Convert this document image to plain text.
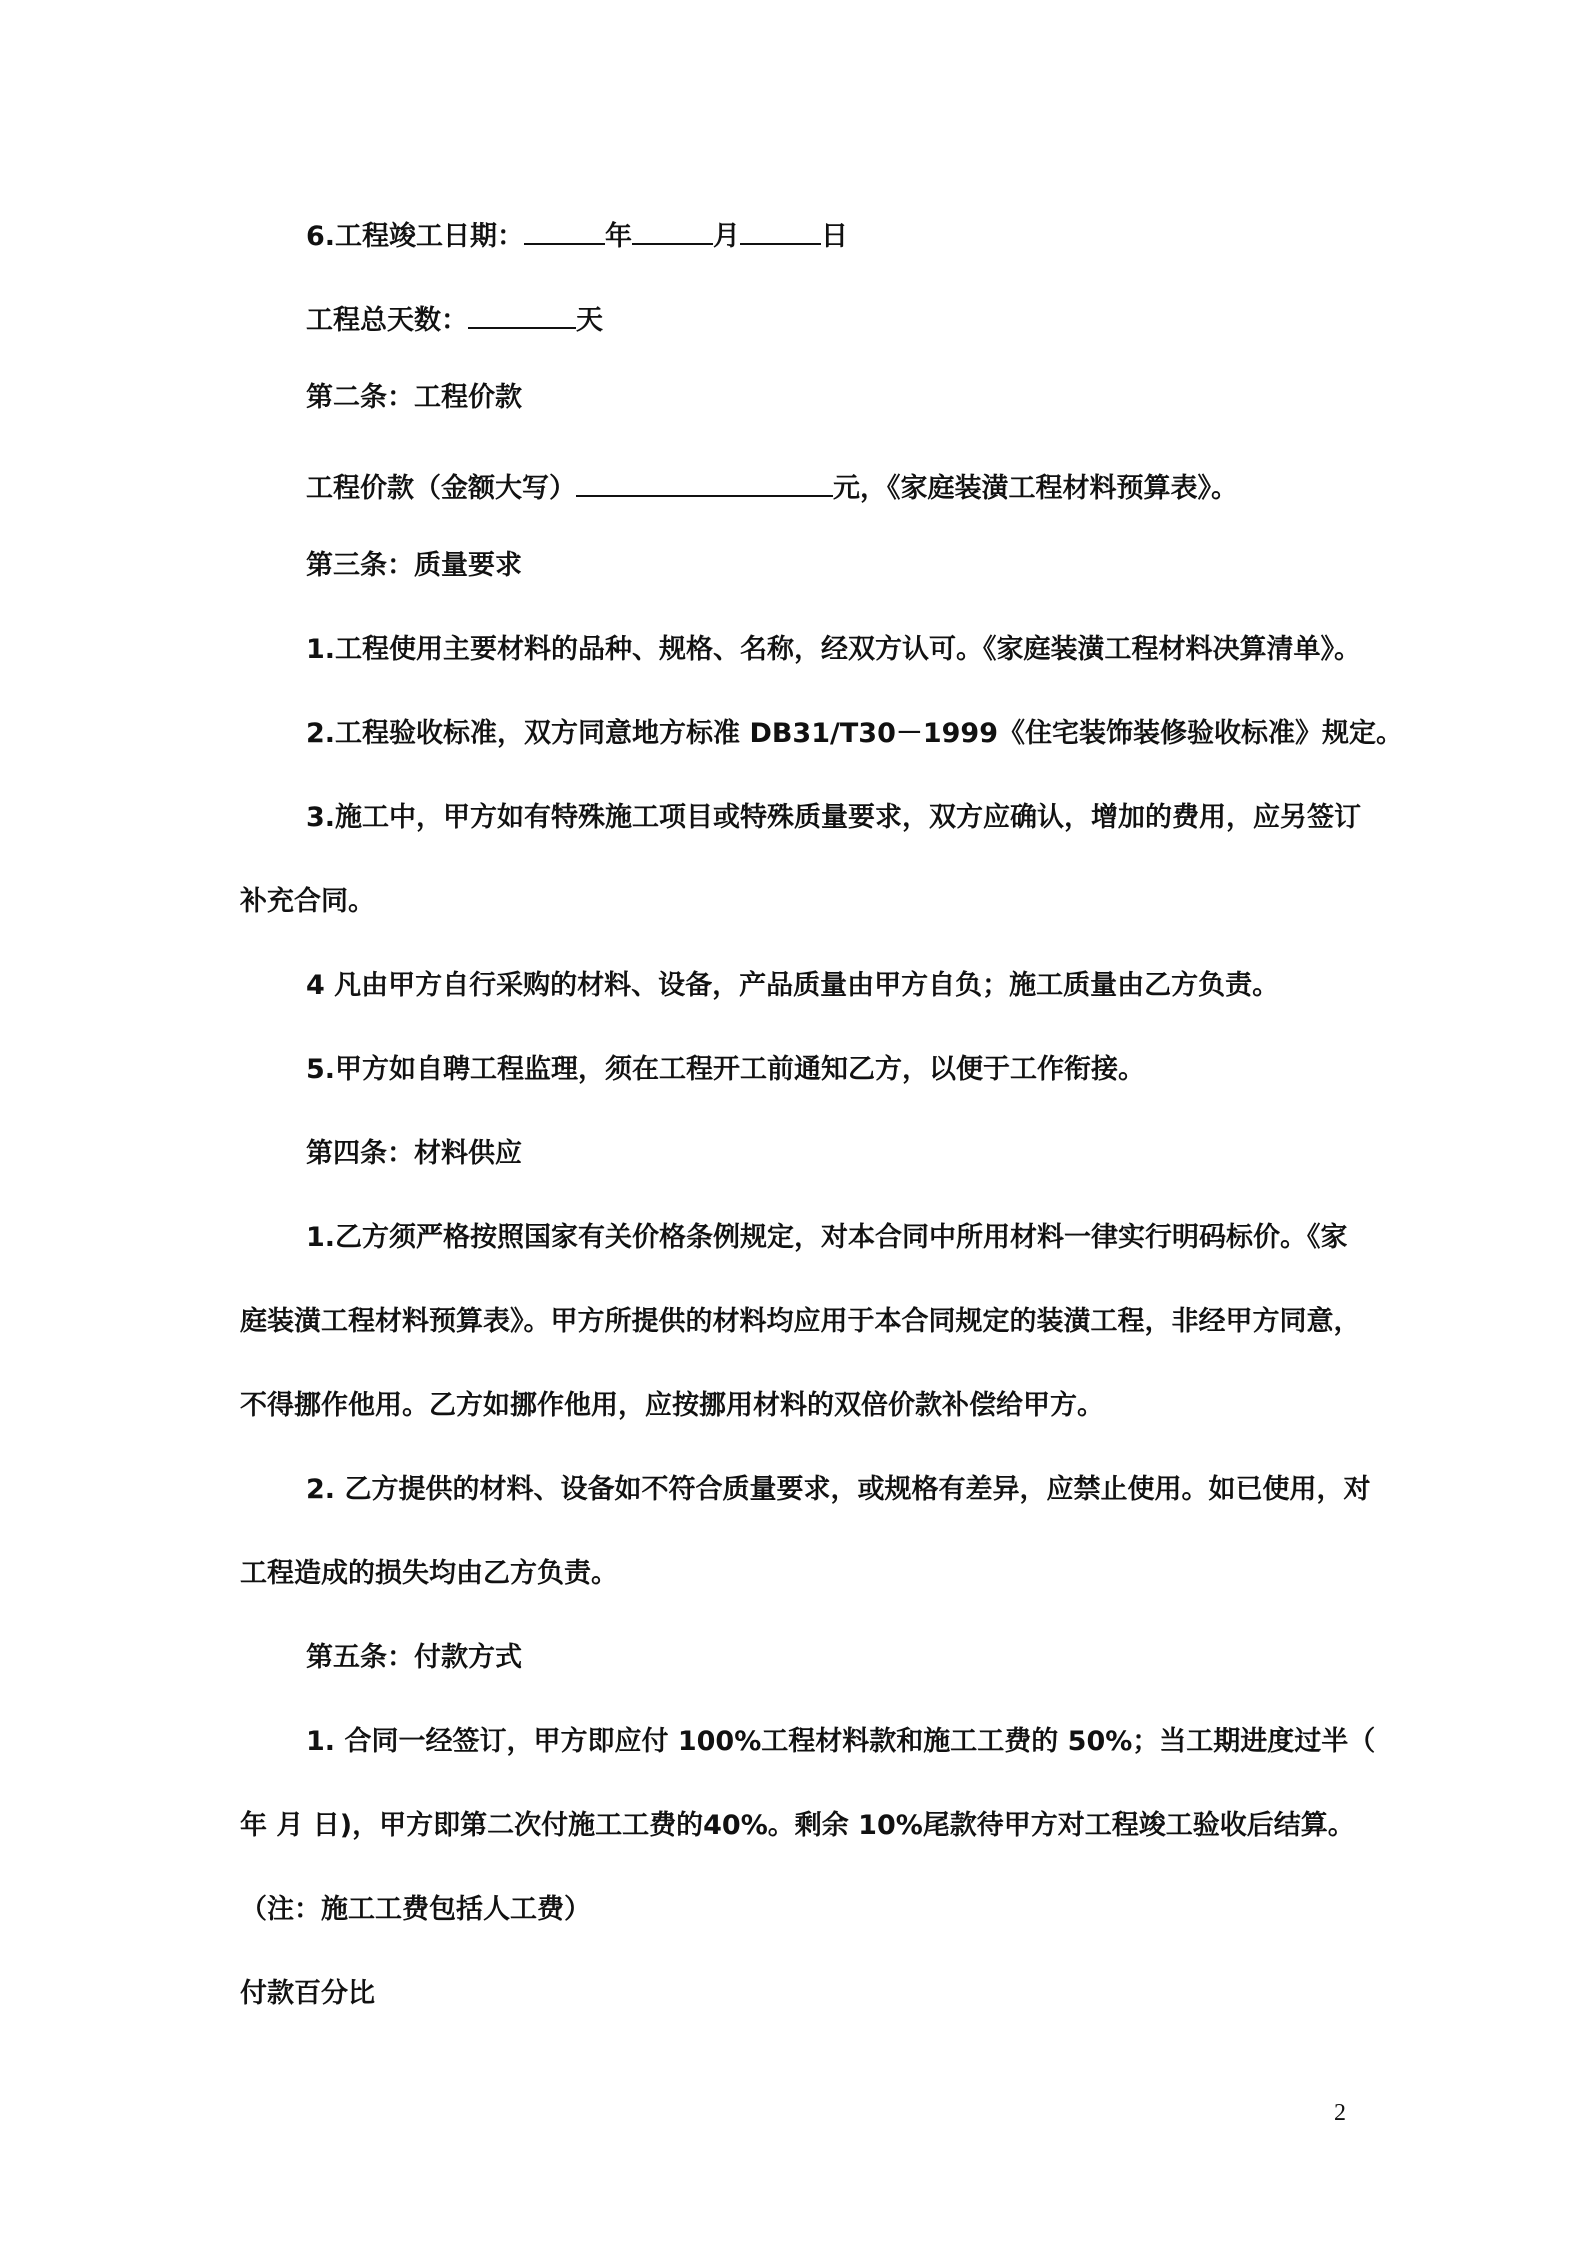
6.工程竣工日期：	年	月	日
工程总天数：	天
第二条：工程价款
工程价款（金额大写）	元，《家庭装潢工程材料预算表》。
第三条：质量要求
1.工程使用主要材料的品种、规格、名称，经双方认可。《家庭装潢工程材料决算清单》。
2.工程验收标准，双方同意地方标准 DB31/T30－1999《住宅装饰装修验收标准》规定。
3.施工中，甲方如有特殊施工项目或特殊质量要求，双方应确认，增加的费用，应另签订
补充合同。
4 凡由甲方自行采购的材料、设备，产品质量由甲方自负；施工质量由乙方负责。
5.甲方如自聘工程监理，须在工程开工前通知乙方，以便于工作衔接。
第四条：材料供应
1.乙方须严格按照国家有关价格条例规定，对本合同中所用材料一律实行明码标价。《家
庭装潢工程材料预算表》。甲方所提供的材料均应用于本合同规定的装潢工程，非经甲方同意，
不得挪作他用。乙方如挪作他用，应按挪用材料的双倍价款补偿给甲方。
2. 乙方提供的材料、设备如不符合质量要求，或规格有差异，应禁止使用。如已使用，对
工程造成的损失均由乙方负责。
第五条：付款方式
1. 合同一经签订，甲方即应付 100%工程材料款和施工工费的 50%；当工期进度过半（
年 月 日)，甲方即第二次付施工工费的40%。剩余 10%尾款待甲方对工程竣工验收后结算。
（注：施工工费包括人工费）
付款百分比
2
